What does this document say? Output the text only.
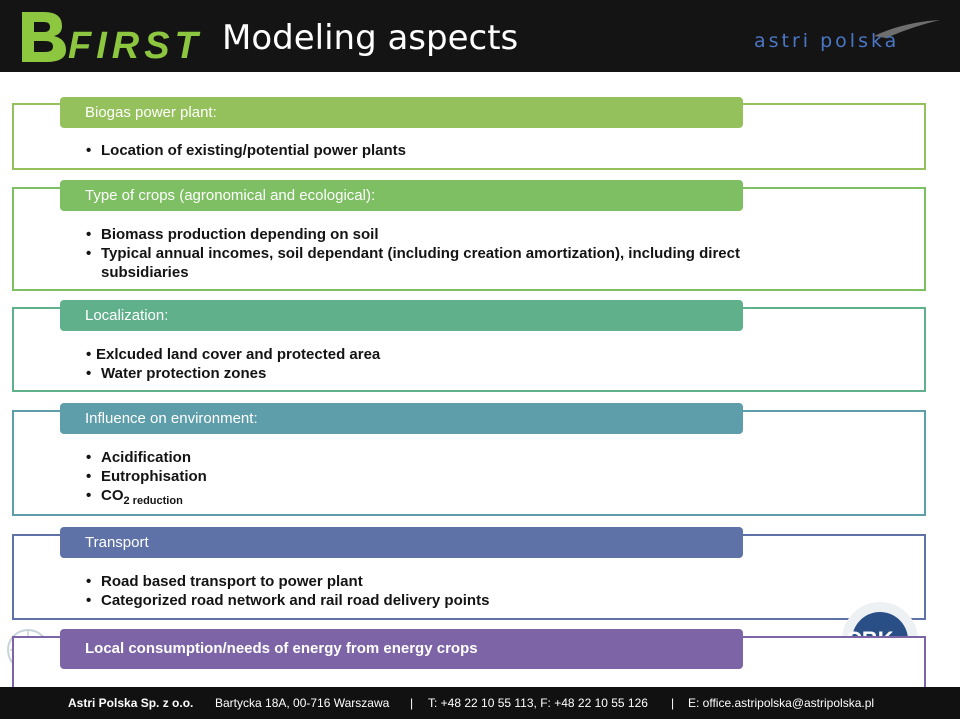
FIRST Modeling aspects	astri polska
Biogas power plant:
• Location of existing/potential power plants
Type of crops (agronomical and ecological):
• Biomass production depending on soil
• Typical annual incomes, soil dependant (including creation amortization), including direct subsidiaries
Localization:
• Exlcuded land cover and protected area
• Water protection zones
Influence on environment:
• Acidification
• Eutrophisation
• $CO_{2 reduction}$
Transport
• Road based transport to power plant
• Categorized road network and rail road delivery points
Local consumption/needs of energy from energy crops
Astri Polska Sp. z o.o. Bartycka 18A, 00-716 Warszawa | T: +48 22 10 55 113, F: +48 22 10 55 126 | E: office.astripolska@astripolska.pl
